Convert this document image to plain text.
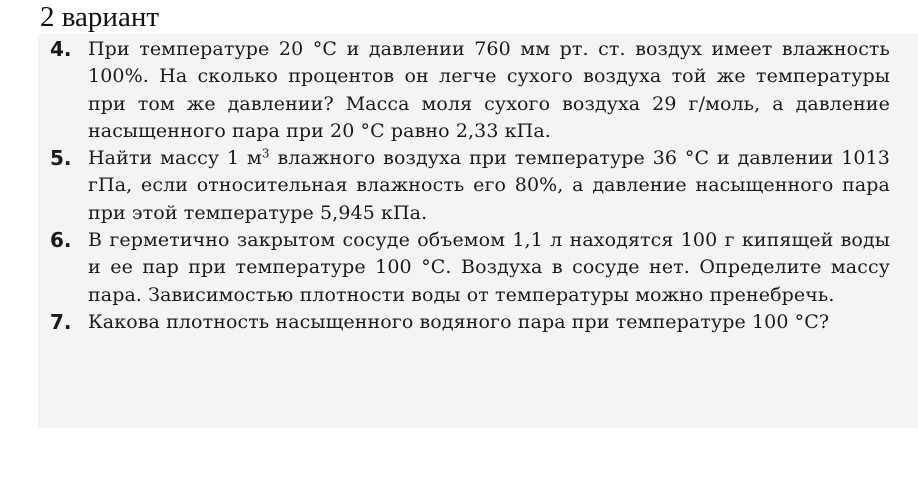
2 вариант
4. При температуре 20 °С и давлении 760 мм рт. ст. воздух имеет влажность 100%. На сколько процентов он легче сухого воздуха той же температуры при том же давлении? Масса моля сухого воздуха 29 г/моль, а давление насыщенного пара при 20 °С равно 2,33 кПа.

5. Найти массу 1 $м^3$ влажного воздуха при температуре 36 °С и давлении 1013 гПа, если относительная влажность его 80%, а давление насыщенного пара при этой температуре 5,945 кПа.

6. В герметично закрытом сосуде объемом 1,1 л находятся 100 г кипящей воды и ее пар при температуре 100 °С. Воздуха в сосуде нет. Определите массу пара. Зависимостью плотности воды от температуры можно пренебречь.

7. Какова плотность насыщенного водяного пара при температуре 100 °С?
